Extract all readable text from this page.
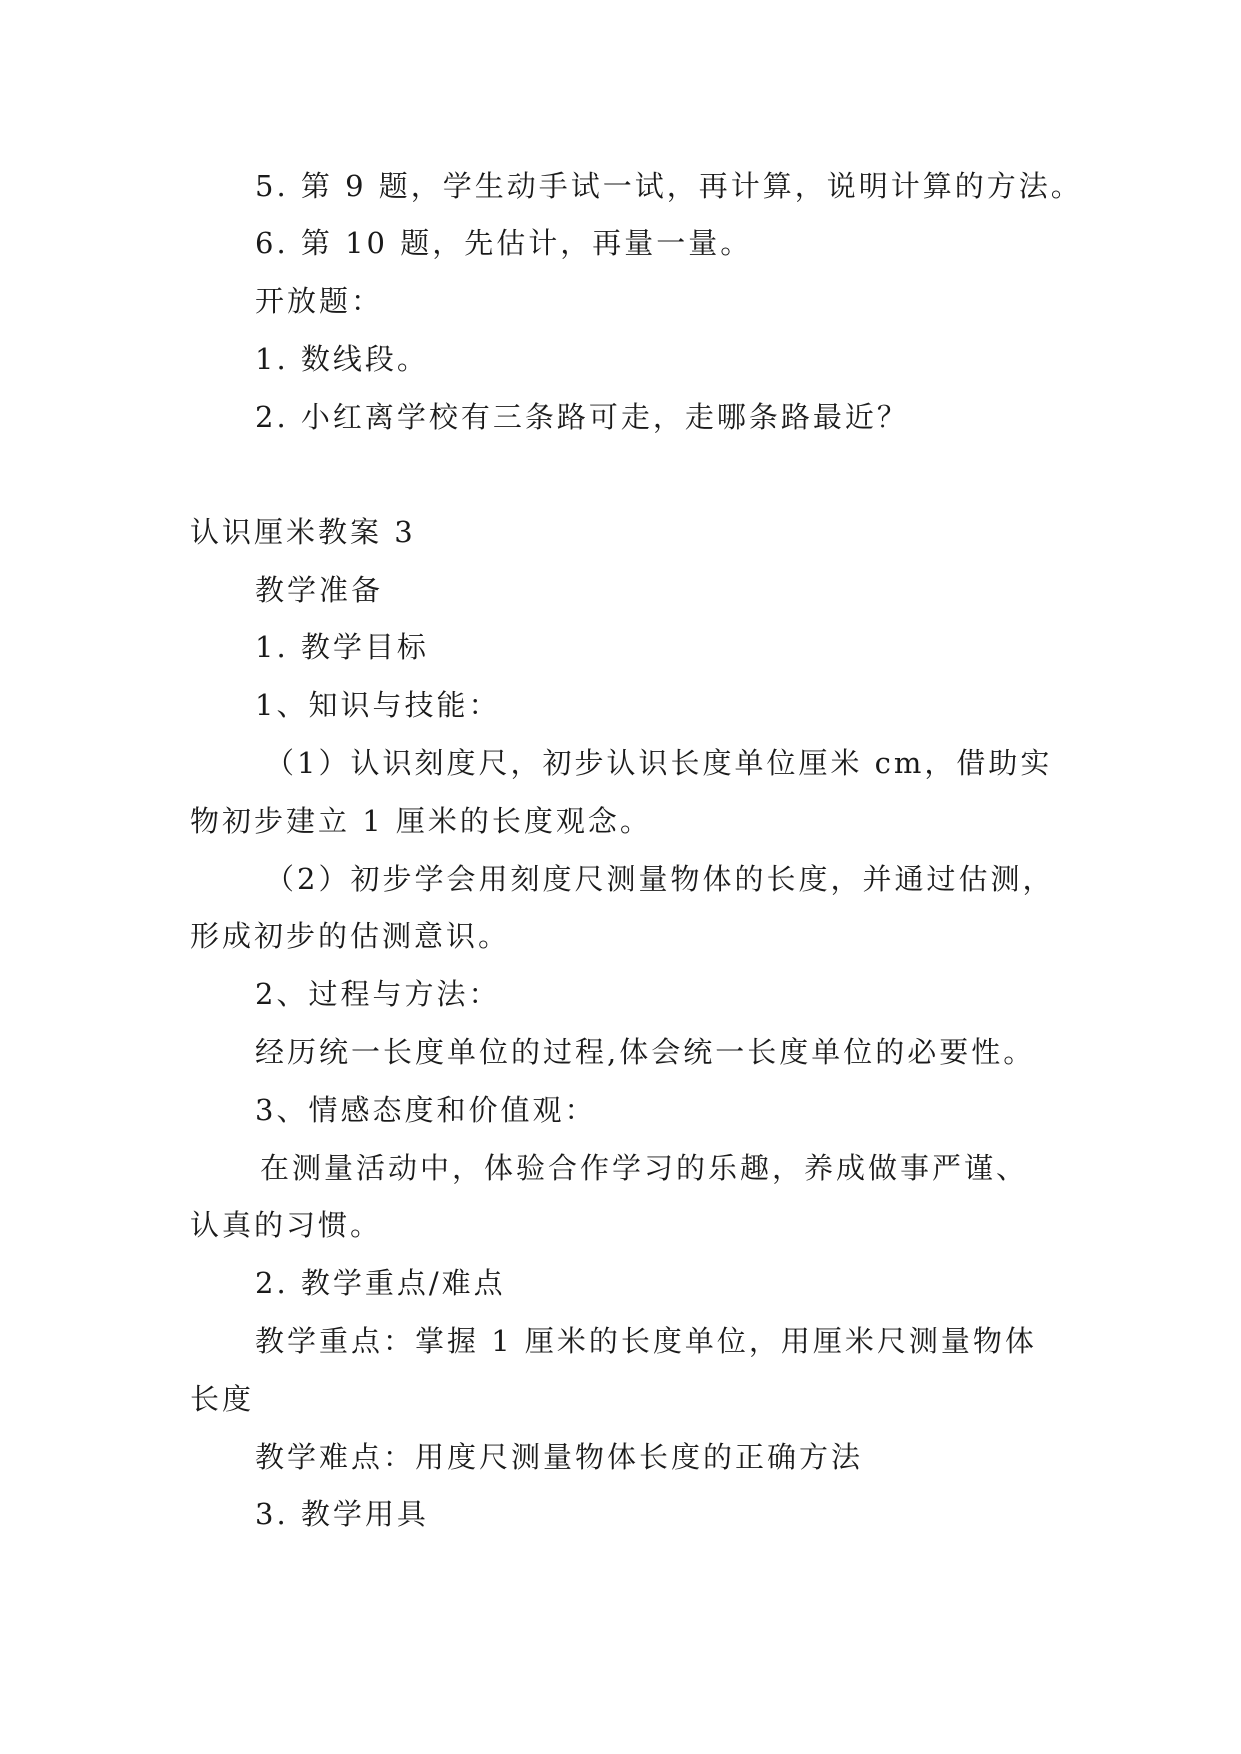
5. 第 9 题，学生动手试一试，再计算，说明计算的方法。
6. 第 10 题，先估计，再量一量。
开放题：
1. 数线段。
2. 小红离学校有三条路可走，走哪条路最近？
认识厘米教案 3
教学准备
1. 教学目标
1、知识与技能：
（1）认识刻度尺，初步认识长度单位厘米 cm，借助实
物初步建立 1 厘米的长度观念。
（2）初步学会用刻度尺测量物体的长度，并通过估测，
形成初步的估测意识。
2、过程与方法：
经历统一长度单位的过程,体会统一长度单位的必要性。
3、情感态度和价值观：
在测量活动中，体验合作学习的乐趣，养成做事严谨、
认真的习惯。
2. 教学重点/难点
教学重点：掌握 1 厘米的长度单位，用厘米尺测量物体
长度
教学难点：用度尺测量物体长度的正确方法
3. 教学用具
